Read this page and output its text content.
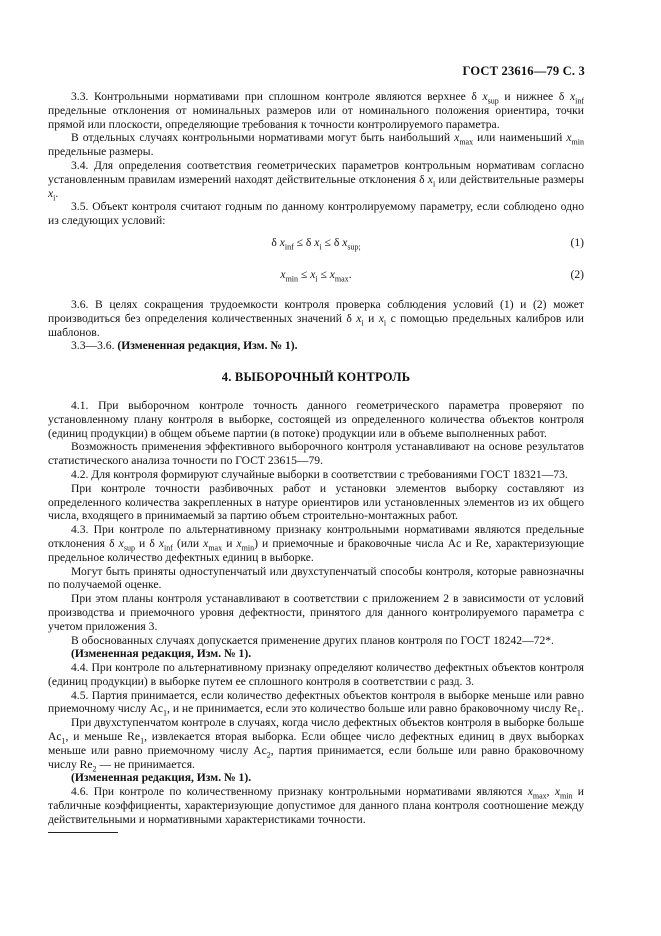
ГОСТ 23616—79 С. 3

3.3. Контрольными нормативами при сплошном контроле являются верхнее δ $x_{sup}$ и нижнее δ $x_{inf}$ предельные отклонения от номинальных размеров или от номинального положения ориентира, точки прямой или плоскости, определяющие требования к точности контролируемого параметра.

В отдельных случаях контрольными нормативами могут быть наибольший $x_{max}$ или наименьший $x_{min}$ предельные размеры.

3.4. Для определения соответствия геометрических параметров контрольным нормативам согласно установленным правилам измерений находят действительные отклонения δ $x_i$ или действительные размеры $x_i$.

3.5. Объект контроля считают годным по данному контролируемому параметру, если соблюдено одно из следующих условий:

δ $x_{inf} \le \delta$ $x_i \le \delta$ $x_{sup;}$	(1)
$x_{min} \le x_i \le x_{max}$.	(2)

3.6. В целях сокращения трудоемкости контроля проверка соблюдения условий (1) и (2) может производиться без определения количественных значений δ $x_i$ и $x_i$ с помощью предельных калибров или шаблонов.

3.3—3.6. (Измененная редакция, Изм. № 1).

4. ВЫБОРОЧНЫЙ КОНТРОЛЬ

4.1. При выборочном контроле точность данного геометрического параметра проверяют по установленному плану контроля в выборке, состоящей из определенного количества объектов контроля (единиц продукции) в общем объеме партии (в потоке) продукции или в объеме выполненных работ.

Возможность применения эффективного выборочного контроля устанавливают на основе результатов статистического анализа точности по ГОСТ 23615—79.

4.2. Для контроля формируют случайные выборки в соответствии с требованиями ГОСТ 18321—73.

При контроле точности разбивочных работ и установки элементов выборку составляют из определенного количества закрепленных в натуре ориентиров или установленных элементов из их общего числа, входящего в принимаемый за партию объем строительно-монтажных работ.

4.3. При контроле по альтернативному признаку контрольными нормативами являются предельные отклонения δ $x_{sup}$ и δ $x_{inf}$ (или $x_{max}$ и $x_{min}$) и приемочные и браковочные числа Ac и Re, характеризующие предельное количество дефектных единиц в выборке.

Могут быть приняты одноступенчатый или двухступенчатый способы контроля, которые равнозначны по получаемой оценке.

При этом планы контроля устанавливают в соответствии с приложением 2 в зависимости от условий производства и приемочного уровня дефектности, принятого для данного контролируемого параметра с учетом приложения 3.

В обоснованных случаях допускается применение других планов контроля по ГОСТ 18242—72*.

(Измененная редакция, Изм. № 1).

4.4. При контроле по альтернативному признаку определяют количество дефектных объектов контроля (единиц продукции) в выборке путем ее сплошного контроля в соответствии с разд. 3.

4.5. Партия принимается, если количество дефектных объектов контроля в выборке меньше или равно приемочному числу $Ac_1$, и не принимается, если это количество больше или равно браковочному числу $Re_1$.

При двухступенчатом контроле в случаях, когда число дефектных объектов контроля в выборке больше $Ac_1$, и меньше $Re_1$, извлекается вторая выборка. Если общее число дефектных единиц в двух выборках меньше или равно приемочному числу $Ac_2$, партия принимается, если больше или равно браковочному числу $Re_2$ — не принимается.

(Измененная редакция, Изм. № 1).

4.6. При контроле по количественному признаку контрольными нормативами являются $x_{max}$, $x_{min}$ и табличные коэффициенты, характеризующие допустимое для данного плана контроля соотношение между действительными и нормативными характеристиками точности.
